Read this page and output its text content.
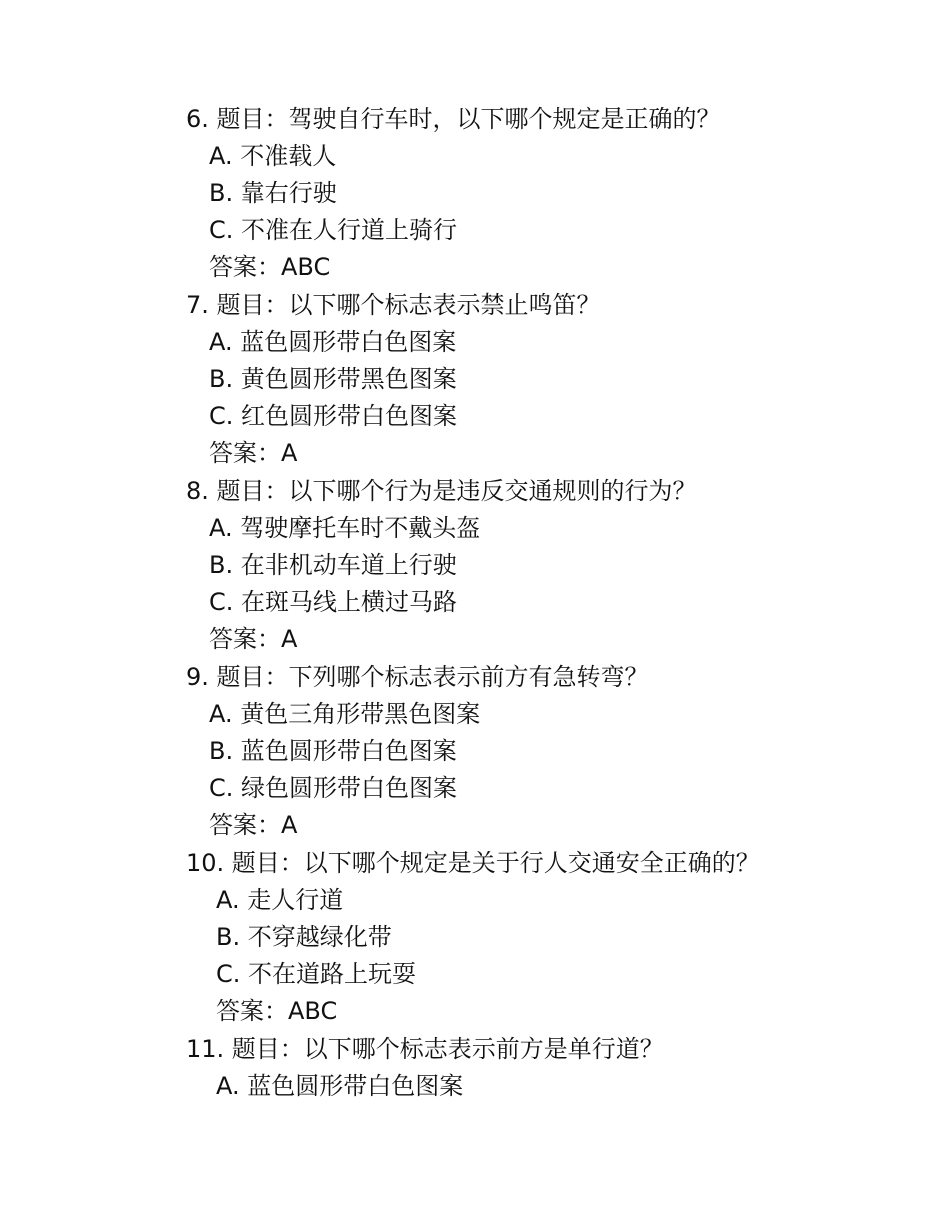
6. 题目：驾驶自行车时，以下哪个规定是正确的？
A. 不准载人
B. 靠右行驶
C. 不准在人行道上骑行
答案：ABC
7. 题目：以下哪个标志表示禁止鸣笛？
A. 蓝色圆形带白色图案
B. 黄色圆形带黑色图案
C. 红色圆形带白色图案
答案：A
8. 题目：以下哪个行为是违反交通规则的行为？
A. 驾驶摩托车时不戴头盔
B. 在非机动车道上行驶
C. 在斑马线上横过马路
答案：A
9. 题目：下列哪个标志表示前方有急转弯？
A. 黄色三角形带黑色图案
B. 蓝色圆形带白色图案
C. 绿色圆形带白色图案
答案：A
10. 题目：以下哪个规定是关于行人交通安全正确的？
A. 走人行道
B. 不穿越绿化带
C. 不在道路上玩耍
答案：ABC
11. 题目：以下哪个标志表示前方是单行道？
A. 蓝色圆形带白色图案
